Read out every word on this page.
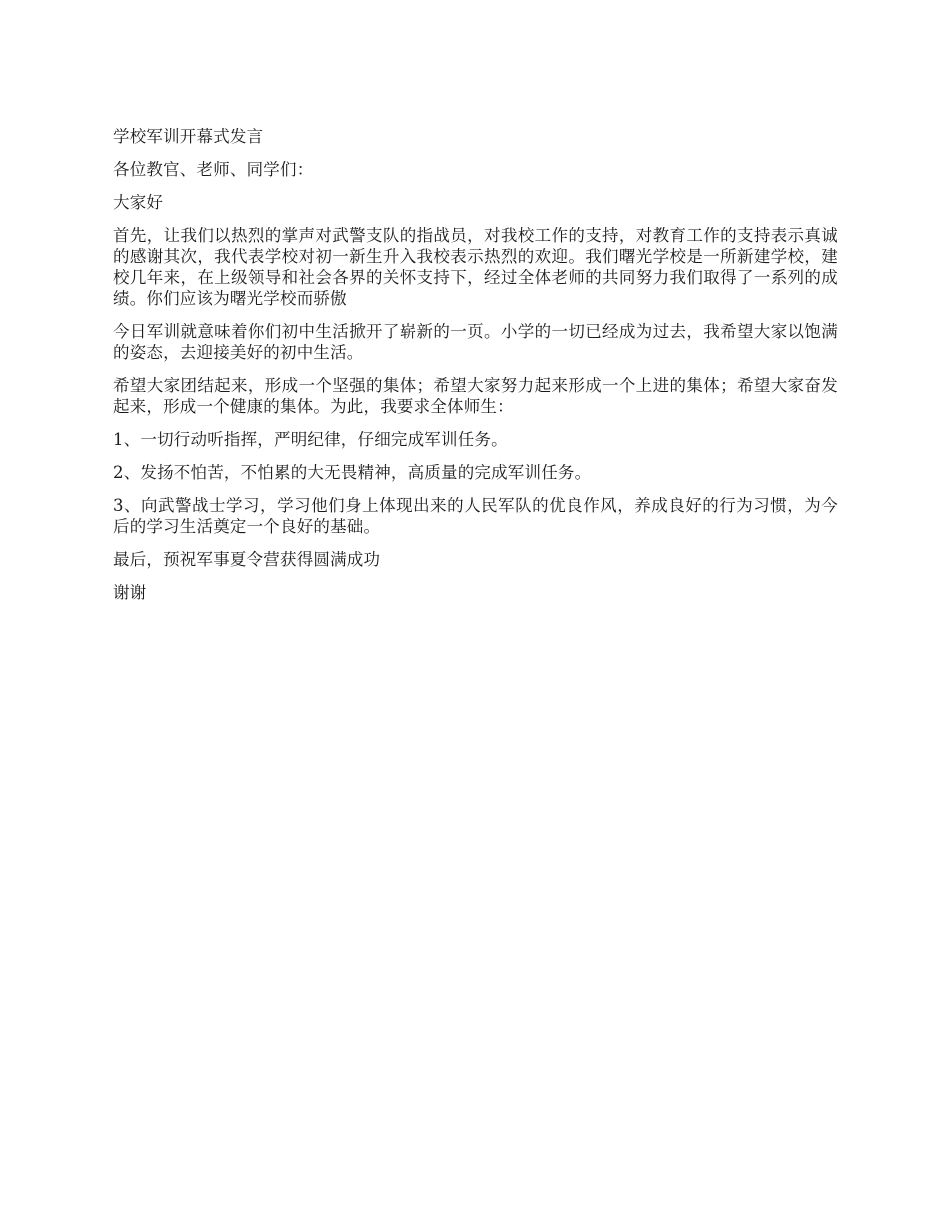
学校军训开幕式发言

各位教官、老师、同学们：

大家好

首先，让我们以热烈的掌声对武警支队的指战员，对我校工作的支持，对教育工作的支持表示真诚的感谢其次，我代表学校对初一新生升入我校表示热烈的欢迎。我们曙光学校是一所新建学校，建校几年来，在上级领导和社会各界的关怀支持下，经过全体老师的共同努力我们取得了一系列的成绩。你们应该为曙光学校而骄傲

今日军训就意味着你们初中生活掀开了崭新的一页。小学的一切已经成为过去，我希望大家以饱满的姿态，去迎接美好的初中生活。

希望大家团结起来，形成一个坚强的集体；希望大家努力起来形成一个上进的集体；希望大家奋发起来，形成一个健康的集体。为此，我要求全体师生：

1、一切行动听指挥，严明纪律，仔细完成军训任务。

2、发扬不怕苦，不怕累的大无畏精神，高质量的完成军训任务。

3、向武警战士学习，学习他们身上体现出来的人民军队的优良作风，养成良好的行为习惯，为今后的学习生活奠定一个良好的基础。

最后，预祝军事夏令营获得圆满成功

谢谢
